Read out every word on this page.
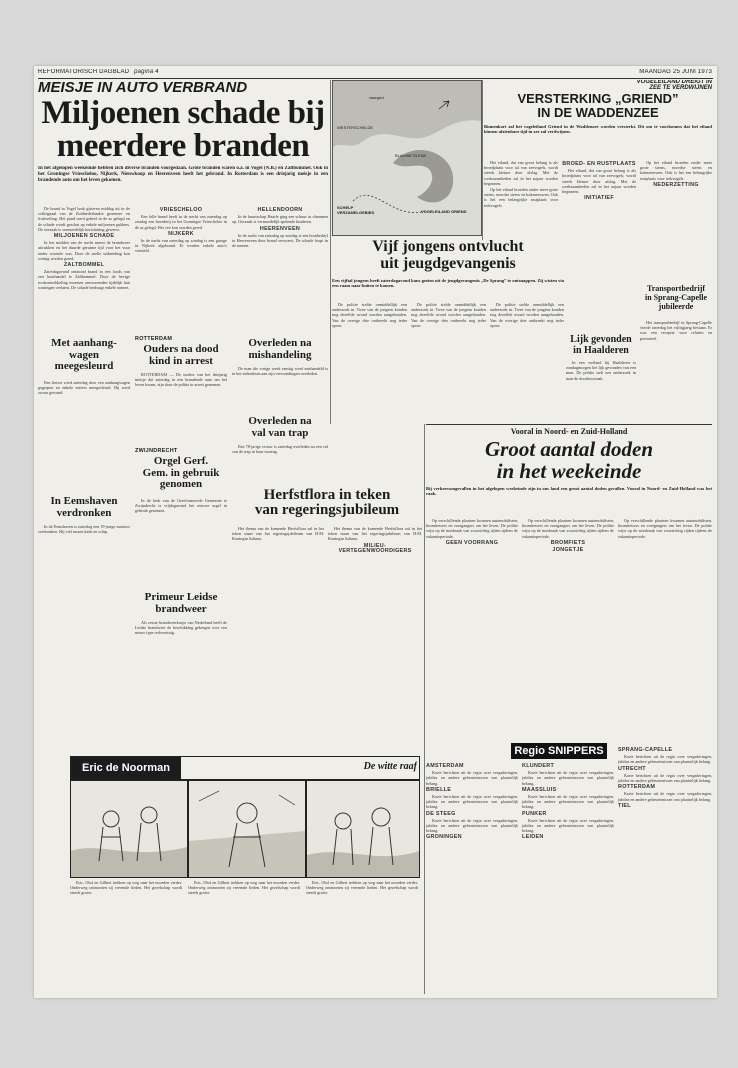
REFORMATORISCH DAGBLAD pagina 4	MAANDAG 25 JUNI 1973
MEISJE IN AUTO VERBRAND
Miljoenen schade bij
meerdere branden
In het afgelopen weekeinde hebben zich diverse branden voorgedaan. Grote branden waren o.a. in Vogel (N.B.) en Zaltbommel. Ook in het Groningse Vriescheloo, Nijkerk, Nieuwkoop en Heerenveen heeft het gebrand. In Rotterdam is een driejarig meisje in een brandende auto om het leven gekomen.

De brand in Vogel brak gisteren middag uit in de veilingzaal van de Zuidnederlandse groenten- en fruitveiling. Het pand werd geheel in de as gelegd en de schade wordt geschat op enkele miljoenen guldens. De oorzaak is vermoedelijk kortsluiting geweest.

MILJOENEN SCHADE

In het midden van de nacht moest de brandweer uitrukken en het duurde geruime tijd voor het vuur onder controle was. Door de snelle uitbreiding kon weinig worden gered.

ZALTBOMMEL

Zaterdagavond ontstond brand in een loods van een houthandel te Zaltbommel. Door de hevige rookontwikkeling moesten omwonenden tijdelijk hun woningen verlaten. De schade bedraagt enkele tonnen.

VRIESCHELOO

Een felle brand heeft in de nacht van zaterdag op zondag een boerderij in het Groningse Vriescheloo in de as gelegd. Het vee kon worden gered.

NIJKERK

In de nacht van zaterdag op zondag is een garage in Nijkerk afgebrand. Er werden enkele auto's vernield.

HELLENDOORN

In de buurtschap Haarle ging een schuur in vlammen op. Oorzaak is vermoedelijk spelende kinderen.

HEERENVEEN

In de nacht van zaterdag op zondag is een houtbedrijf in Heerenveen door brand verwoest. De schade loopt in de tonnen.

vaargeul
WESTERSCHELDE
SCHELP VERZAMELGEBIED	VOGELEILAND GRIEND
BLAUWE SLENK
VOGELEILAND DREIGT IN
ZEE TE VERDWIJNEN
VERSTERKING „GRIEND”
IN DE WADDENZEE
Binnenkort zal het vogeleiland Griend in de Waddenzee worden versterkt. Dit om te voorkomen dat het eiland binnen afzienbare tijd in zee zal verdwijnen.

Het eiland, dat van groot belang is als broedplaats voor tal van zeevogels, wordt steeds kleiner door afslag. Met de werkzaamheden zal in het najaar worden begonnen.

Op het eiland broeden onder meer grote sterns, noordse sterns en kokmeeuwen. Ook is het een belangrijke rustplaats voor trekvogels.

BROED- EN RUSTPLAATS

Het eiland, dat van groot belang is als broedplaats voor tal van zeevogels, wordt steeds kleiner door afslag. Met de werkzaamheden zal in het najaar worden begonnen.

INITIATIEF

Op het eiland broeden onder meer grote sterns, noordse sterns en kokmeeuwen. Ook is het een belangrijke rustplaats voor trekvogels.

NEDERZETTING
Vijf jongens ontvlucht
uit jeugdgevangenis
Een vijftal jongens heeft zaterdagavond kans gezien uit de jeugdgevangenis „De Sprang” te ontsnappen. Zij wisten via een raam naar buiten te komen.

De politie stelde onmiddellijk een onderzoek in. Twee van de jongens konden nog dezelfde avond worden aangehouden. Van de overige drie ontbreekt nog ieder spoor.

De politie stelde onmiddellijk een onderzoek in. Twee van de jongens konden nog dezelfde avond worden aangehouden. Van de overige drie ontbreekt nog ieder spoor.

De politie stelde onmiddellijk een onderzoek in. Twee van de jongens konden nog dezelfde avond worden aangehouden. Van de overige drie ontbreekt nog ieder spoor.

Lijk gevonden
in Haalderen

In een weiland bij Haalderen is zondagmorgen het lijk gevonden van een man. De politie stelt een onderzoek in naar de doodsoorzaak.

Transportbedrijf
in Sprang-Capelle
jubileerde

Het transportbedrijf in Sprang-Capelle vierde zaterdag het vijftigjarig bestaan. Er was een receptie voor relaties en personeel.

ROTTERDAM
Ouders na dood
kind in arrest

ROTTERDAM — De ouders van het driejarig meisje dat zaterdag in een brandende auto om het leven kwam, zijn door de politie in arrest genomen.

ZWIJNDRECHT
Orgel Gerf.
Gem. in gebruik
genomen

In de kerk van de Gereformeerde Gemeente te Zwijndrecht is vrijdagavond het nieuwe orgel in gebruik genomen.

Primeur Leidse
brandweer

Als eerste brandweerkorps van Nederland heeft de Leidse brandweer de beschikking gekregen over een nieuw type redvoertuig.

Overleden na
mishandeling

De man die vorige week ernstig werd mishandeld is in het ziekenhuis aan zijn verwondingen overleden.

Overleden na
val van trap

Een 78-jarige vrouw is zaterdag overleden na een val van de trap in haar woning.

Herfstflora in teken
van regeringsjubileum

Het thema van de komende Herfstflora zal in het teken staan van het regeringsjubileum van H.M. Koningin Juliana.

Het thema van de komende Herfstflora zal in het teken staan van het regeringsjubileum van H.M. Koningin Juliana.

MILIEU-VERTEGENWOORDIGERS
Met aanhang-
wagen
meegesleurd

Een fietser werd zaterdag door een aanhangwagen gegrepen en enkele meters meegesleurd. Hij werd zwaar gewond.

In Eemshaven
verdronken

In de Eemshaven is zaterdag een 19-jarige matroos verdronken. Hij viel tussen kade en schip.

Vooral in Noord- en Zuid-Holland
Groot aantal doden
in het weekeinde
Bij verkeersongevallen in het afgelopen weekeinde zijn in ons land een groot aantal doden gevallen. Vooral in Noord- en Zuid-Holland was het raak.

Op verschillende plaatsen kwamen automobilisten, bromfietsers en voetgangers om het leven. De politie wijst op de noodzaak van voorzichtig rijden tijdens de vakantieperiode.

GEEN VOORRANG

Op verschillende plaatsen kwamen automobilisten, bromfietsers en voetgangers om het leven. De politie wijst op de noodzaak van voorzichtig rijden tijdens de vakantieperiode.

BROMFIETS
JONGETJE

Op verschillende plaatsen kwamen automobilisten, bromfietsers en voetgangers om het leven. De politie wijst op de noodzaak van voorzichtig rijden tijdens de vakantieperiode.

Eric de Noorman	De witte raaf

Eric, Oluf en Gilbert trekken op weg naar het noorden verder. Onderweg ontmoeten zij vreemde lieden. Het gezelschap wordt steeds groter.

Eric, Oluf en Gilbert trekken op weg naar het noorden verder. Onderweg ontmoeten zij vreemde lieden. Het gezelschap wordt steeds groter.

Eric, Oluf en Gilbert trekken op weg naar het noorden verder. Onderweg ontmoeten zij vreemde lieden. Het gezelschap wordt steeds groter.

Regio SNIPPERS
AMSTERDAM

Korte berichten uit de regio over vergaderingen, jubilea en andere gebeurtenissen van plaatselijk belang.

BRIELLE

Korte berichten uit de regio over vergaderingen, jubilea en andere gebeurtenissen van plaatselijk belang.

DE STEEG

Korte berichten uit de regio over vergaderingen, jubilea en andere gebeurtenissen van plaatselijk belang.

GRONINGEN
KLUNDERT

Korte berichten uit de regio over vergaderingen, jubilea en andere gebeurtenissen van plaatselijk belang.

MAASSLUIS

Korte berichten uit de regio over vergaderingen, jubilea en andere gebeurtenissen van plaatselijk belang.

PUNKER

Korte berichten uit de regio over vergaderingen, jubilea en andere gebeurtenissen van plaatselijk belang.

LEIDEN
SPRANG-CAPELLE

Korte berichten uit de regio over vergaderingen, jubilea en andere gebeurtenissen van plaatselijk belang.

UTRECHT

Korte berichten uit de regio over vergaderingen, jubilea en andere gebeurtenissen van plaatselijk belang.

ROTTERDAM

Korte berichten uit de regio over vergaderingen, jubilea en andere gebeurtenissen van plaatselijk belang.

TIEL
